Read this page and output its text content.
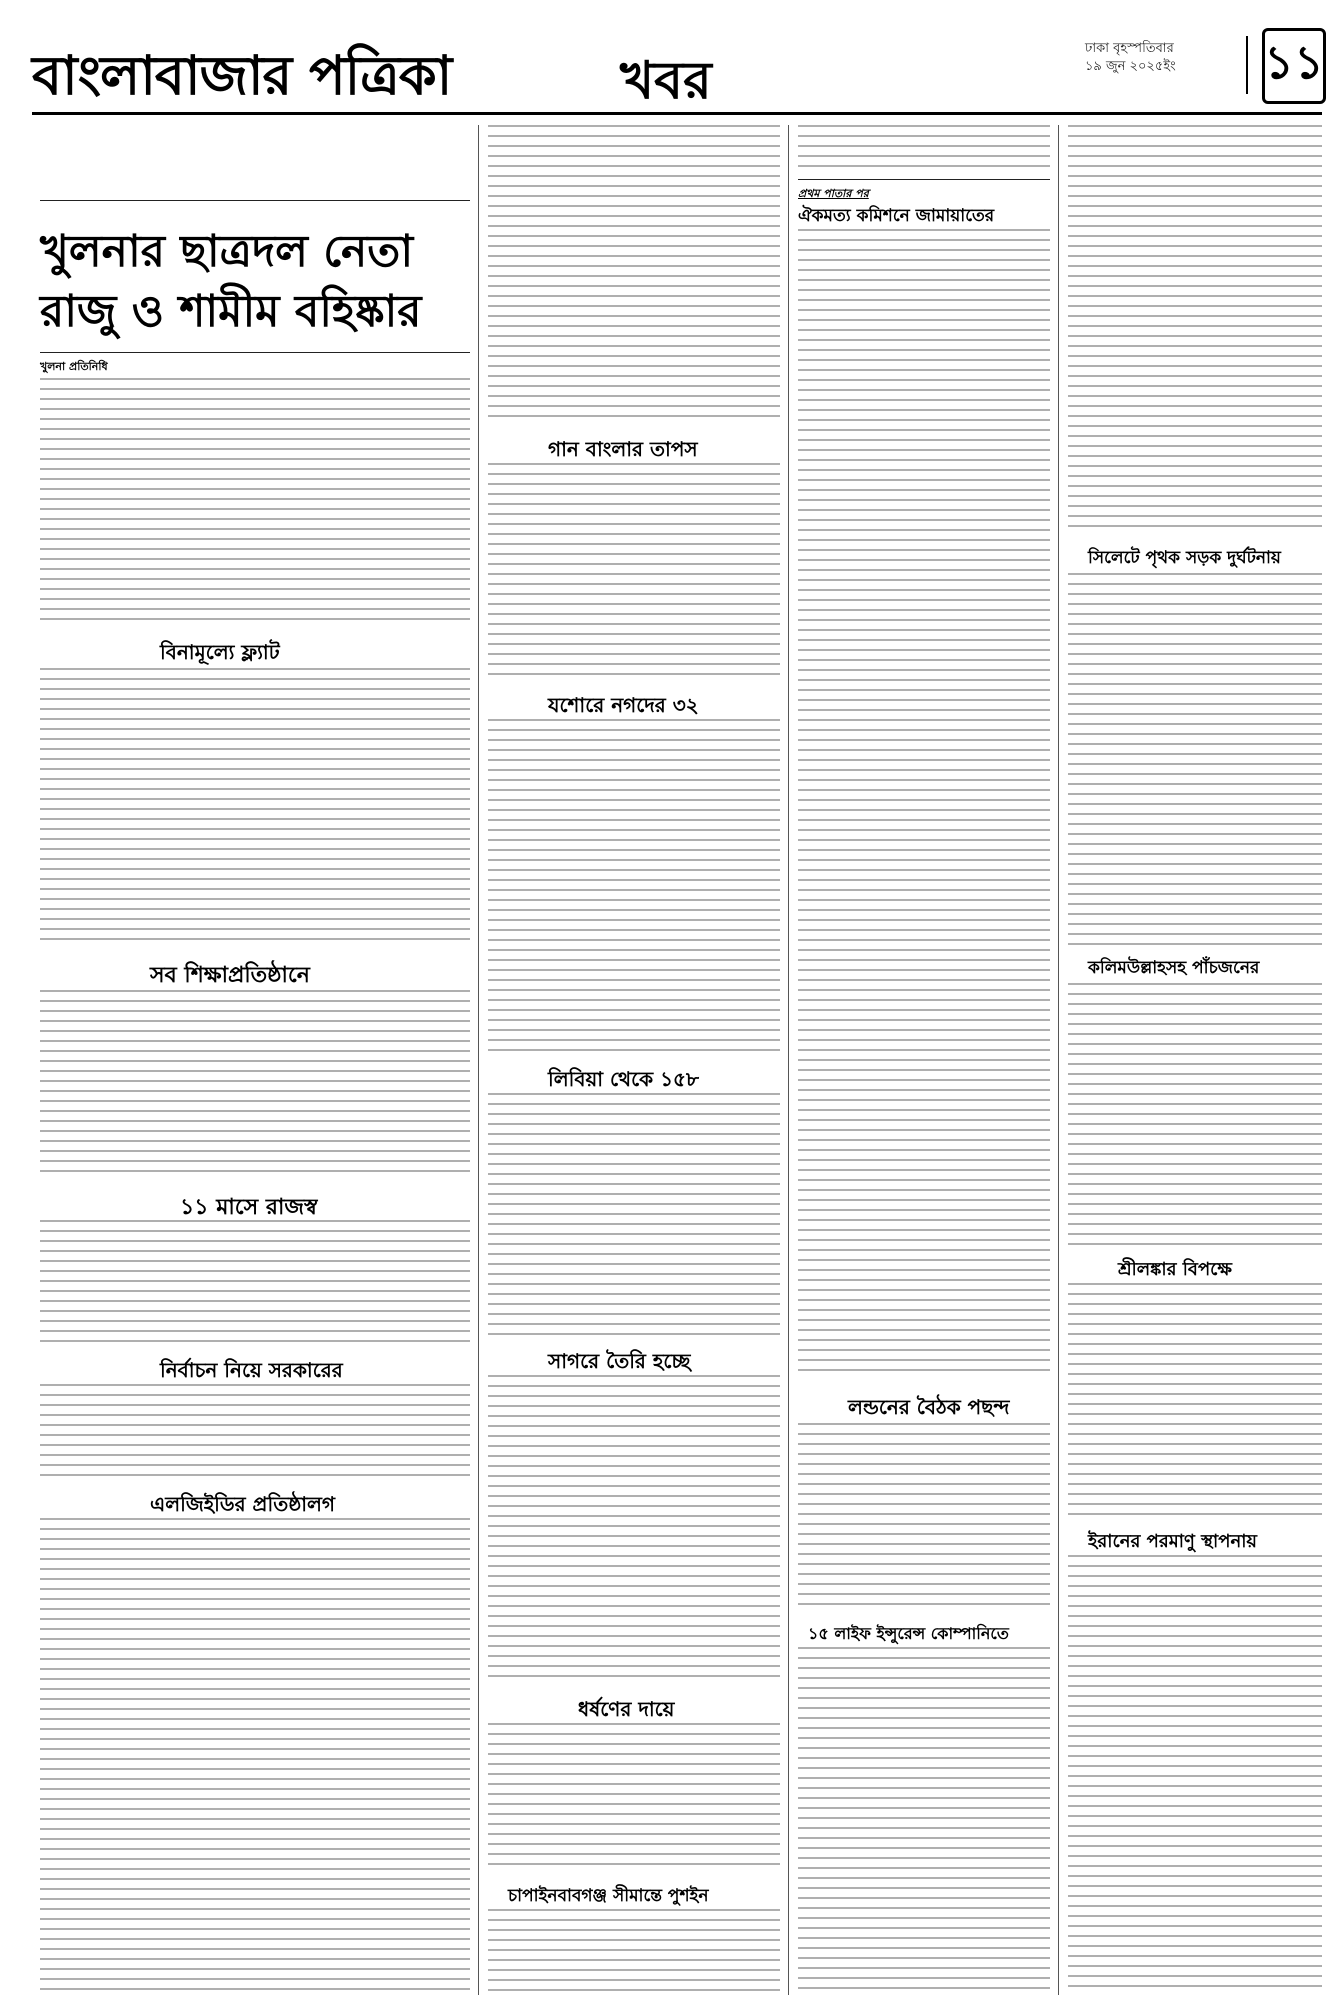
বাংলাবাজার পত্রিকা	খবর
ঢাকা বৃহস্পতিবার
১৯ জুন ২০২৫ইং ১১
খুলনার ছাত্রদল নেতা রাজু ও শামীম বহিষ্কার
খুলনা প্রতিনিধি
বিনামূল্যে ফ্ল্যাট
সব শিক্ষাপ্রতিষ্ঠানে
১১ মাসে রাজস্ব
নির্বাচন নিয়ে সরকারের
এলজিইডির প্রতিষ্ঠালগ
গান বাংলার তাপস
যশোরে নগদের ৩২
লিবিয়া থেকে ১৫৮
সাগরে তৈরি হচ্ছে
ধর্ষণের দায়ে
চাপাইনবাবগঞ্জ সীমান্তে পুশইন
প্রথম পাতার পর
ঐকমত্য কমিশনে জামায়াতের
লন্ডনের বৈঠক পছন্দ
১৫ লাইফ ইন্সুরেন্স কোম্পানিতে
সিলেটে পৃথক সড়ক দুর্ঘটনায়
কলিমউল্লাহসহ পাঁচজনের
শ্রীলঙ্কার বিপক্ষে
ইরানের পরমাণু স্থাপনায়
